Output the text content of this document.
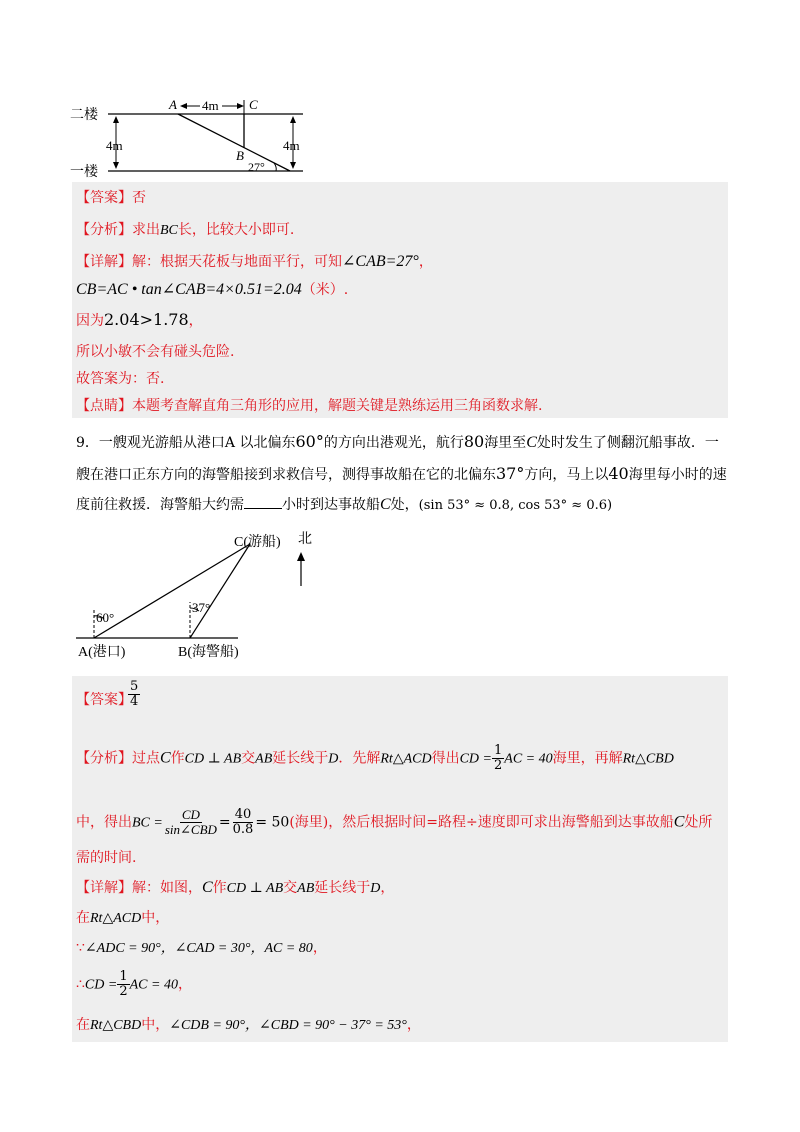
二楼
一楼
A	C
B
4m
4m	4m
27°
【答案】否
【分析】求出BC长，比较大小即可.
【详解】解：根据天花板与地面平行，可知∠CAB=27°，
CB=AC • tan∠CAB=4×0.51=2.04（米）.
因为2.04>1.78，
所以小敏不会有碰头危险.
故答案为：否.
【点睛】本题考查解直角三角形的应用，解题关键是熟练运用三角函数求解.
9．一艘观光游船从港口A 以北偏东60°的方向出港观光，航行80海里至C处时发生了侧翻沉船事故．一
艘在港口正东方向的海警船接到求救信号，测得事故船在它的北偏东37°方向，马上以40海里每小时的速
度前往救援．海警船大约需	小时到达事故船C处，(sin 53° ≈ 0.8, cos 53° ≈ 0.6)
C(游船) 北
A(港口)	B(海警船)
60°
37°
【答案】
$\frac{5}{4}$
【分析】过点C作CD ⊥ AB交AB延长线于D．先解Rt△ACD得出CD = $\frac{1}{2}$ AC = 40海里，再解Rt△CBD
中，得出BC = $\frac{CD}{\text{sin∠CBD}} = \frac{40}{0.8} = 50$(海里)，然后根据时间=路程÷速度即可求出海警船到达事故船C处所
需的时间.
【详解】解：如图，C作CD ⊥ AB交AB延长线于D，
在Rt△ACD中，
∵∠ADC = 90°，∠CAD = 30°，AC = 80，
∴CD = $\frac{1}{2}$ AC = 40，
在Rt△CBD中，∠CDB = 90°，∠CBD = 90° − 37° = 53°，
